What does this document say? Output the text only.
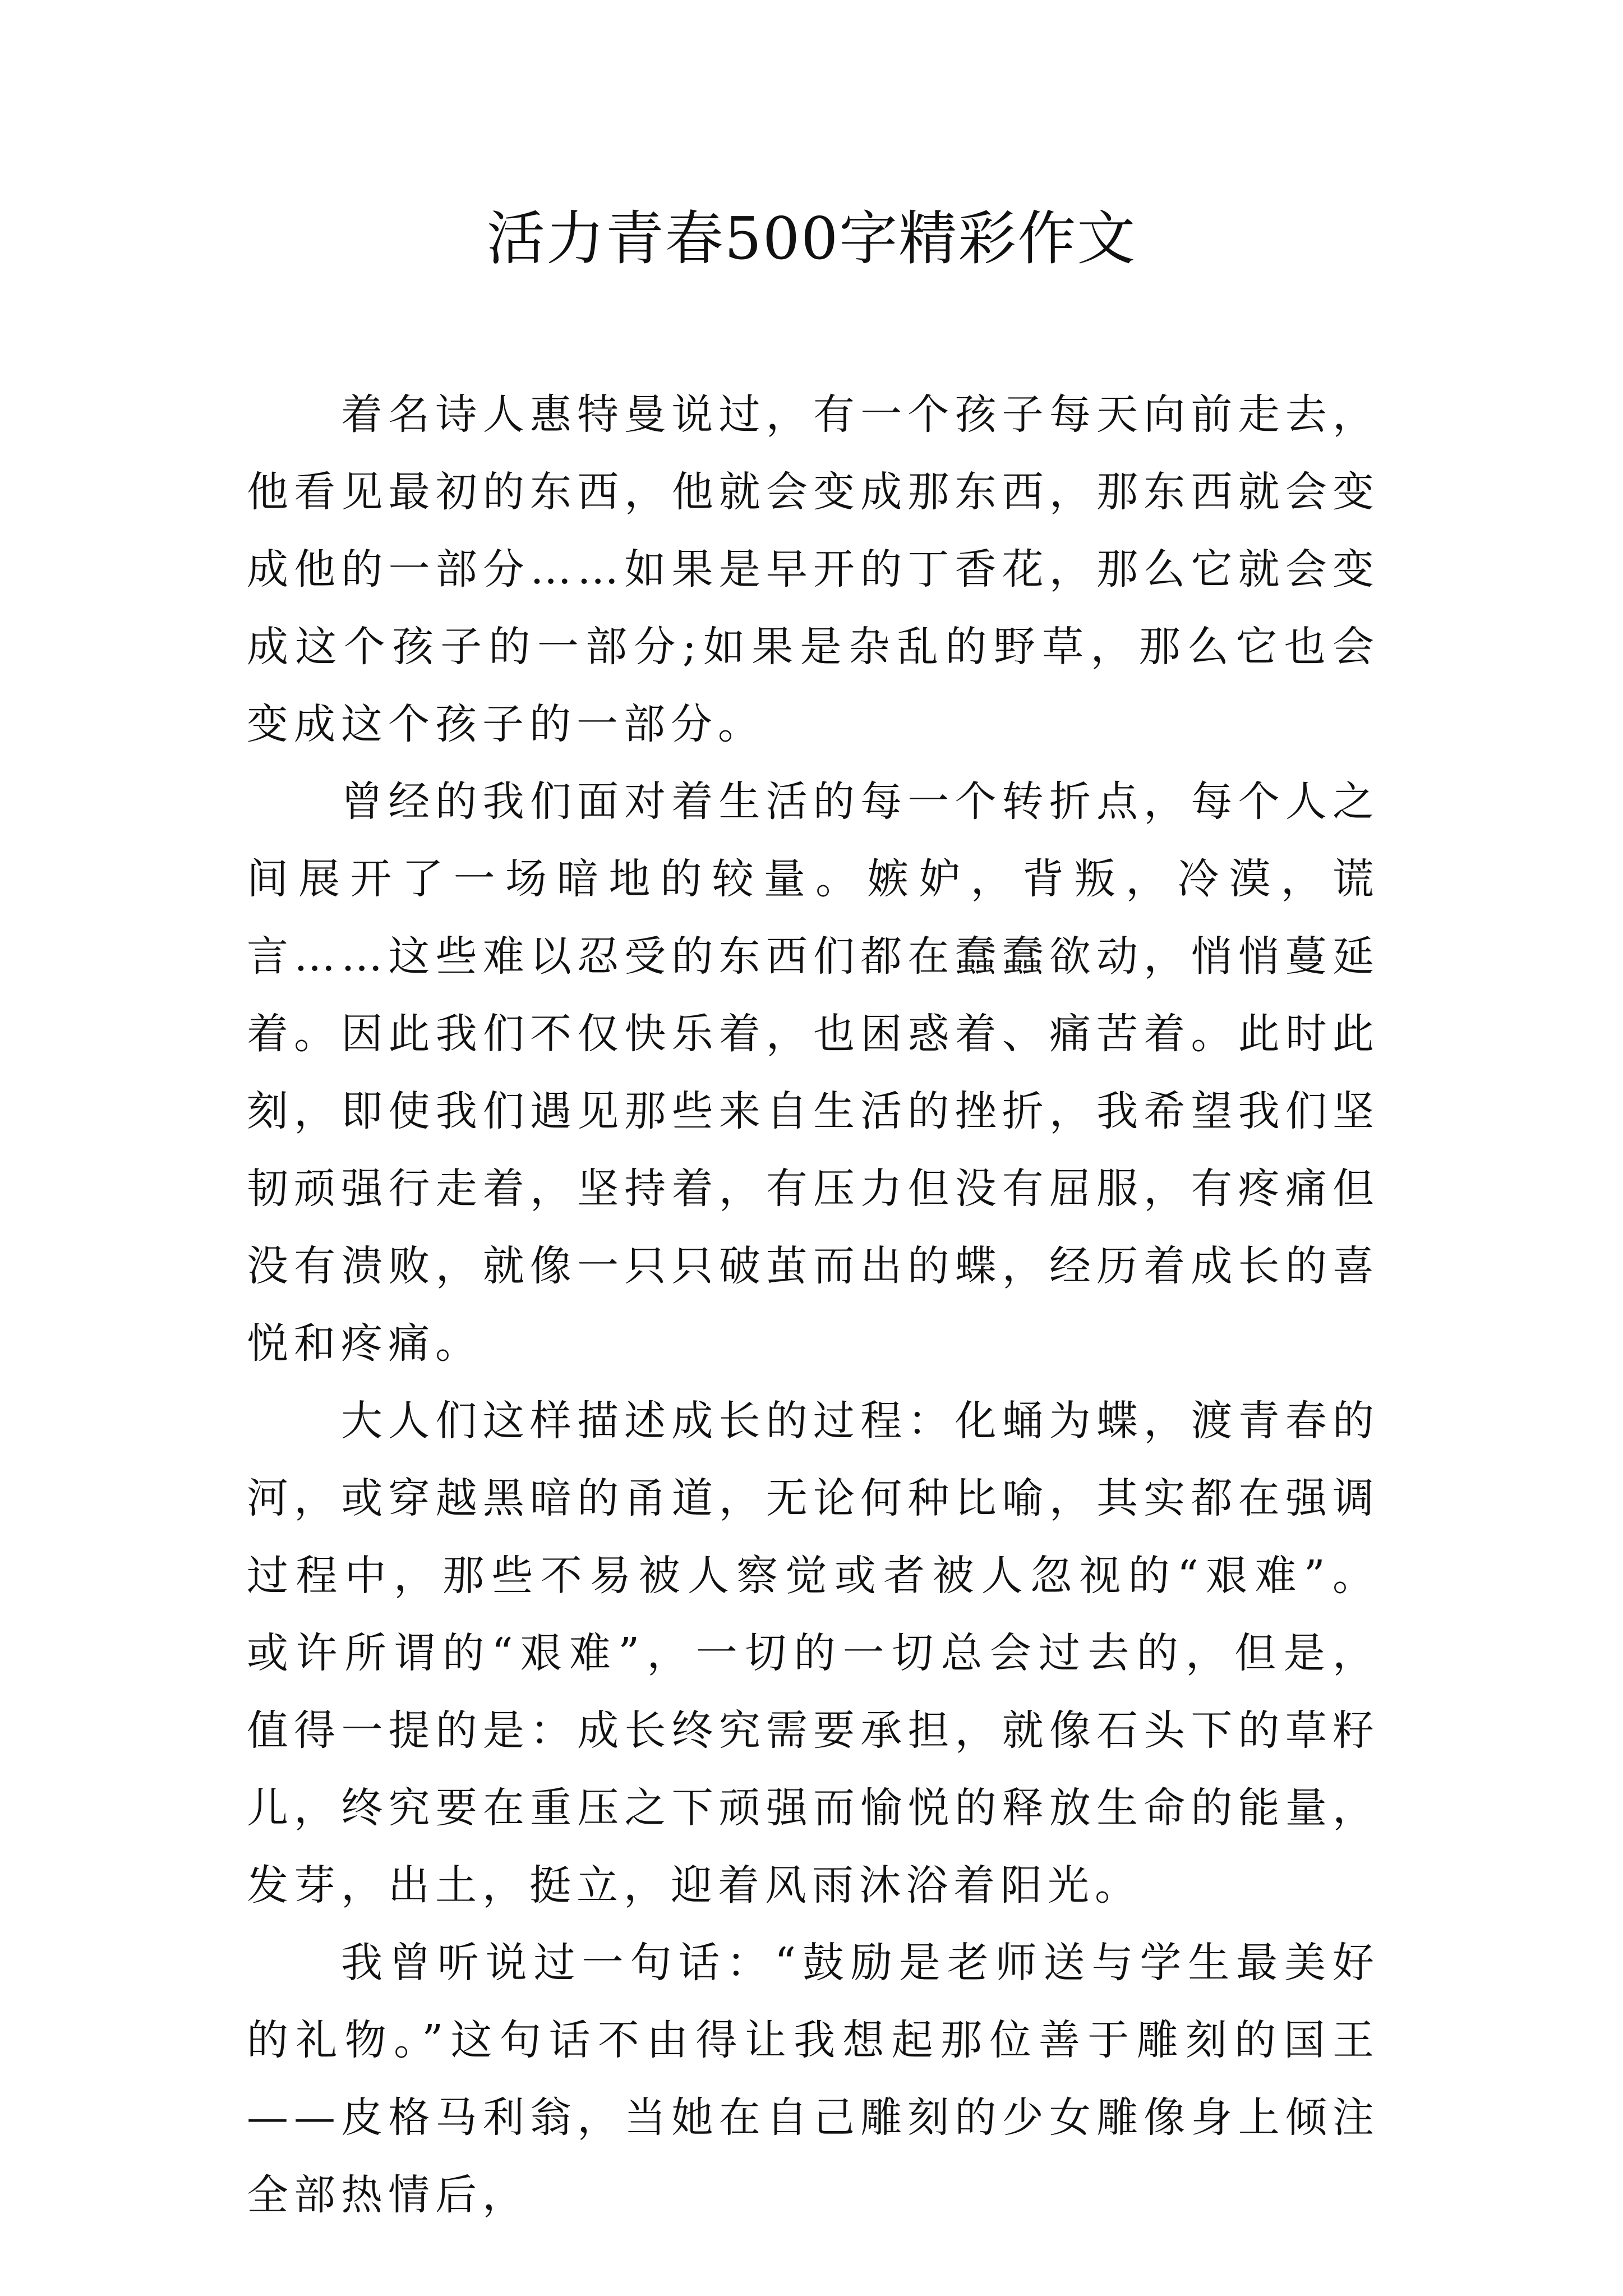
活力青春500字精彩作文

着名诗人惠特曼说过，有一个孩子每天向前走去，他看见最初的东西，他就会变成那东西，那东西就会变成他的一部分……如果是早开的丁香花，那么它就会变成这个孩子的一部分;如果是杂乱的野草，那么它也会变成这个孩子的一部分。

曾经的我们面对着生活的每一个转折点，每个人之间展开了一场暗地的较量。嫉妒，背叛，冷漠，谎言……这些难以忍受的东西们都在蠢蠢欲动，悄悄蔓延着。因此我们不仅快乐着，也困惑着、痛苦着。此时此刻，即使我们遇见那些来自生活的挫折，我希望我们坚韧顽强行走着，坚持着，有压力但没有屈服，有疼痛但没有溃败，就像一只只破茧而出的蝶，经历着成长的喜悦和疼痛。

大人们这样描述成长的过程：化蛹为蝶，渡青春的河，或穿越黑暗的甬道，无论何种比喻，其实都在强调过程中，那些不易被人察觉或者被人忽视的“艰难”。或许所谓的“艰难”，一切的一切总会过去的，但是，值得一提的是：成长终究需要承担，就像石头下的草籽儿，终究要在重压之下顽强而愉悦的释放生命的能量，发芽，出土，挺立，迎着风雨沐浴着阳光。

我曾听说过一句话：“鼓励是老师送与学生最美好的礼物。”这句话不由得让我想起那位善于雕刻的国王——皮格马利翁，当她在自己雕刻的少女雕像身上倾注全部热情后，
